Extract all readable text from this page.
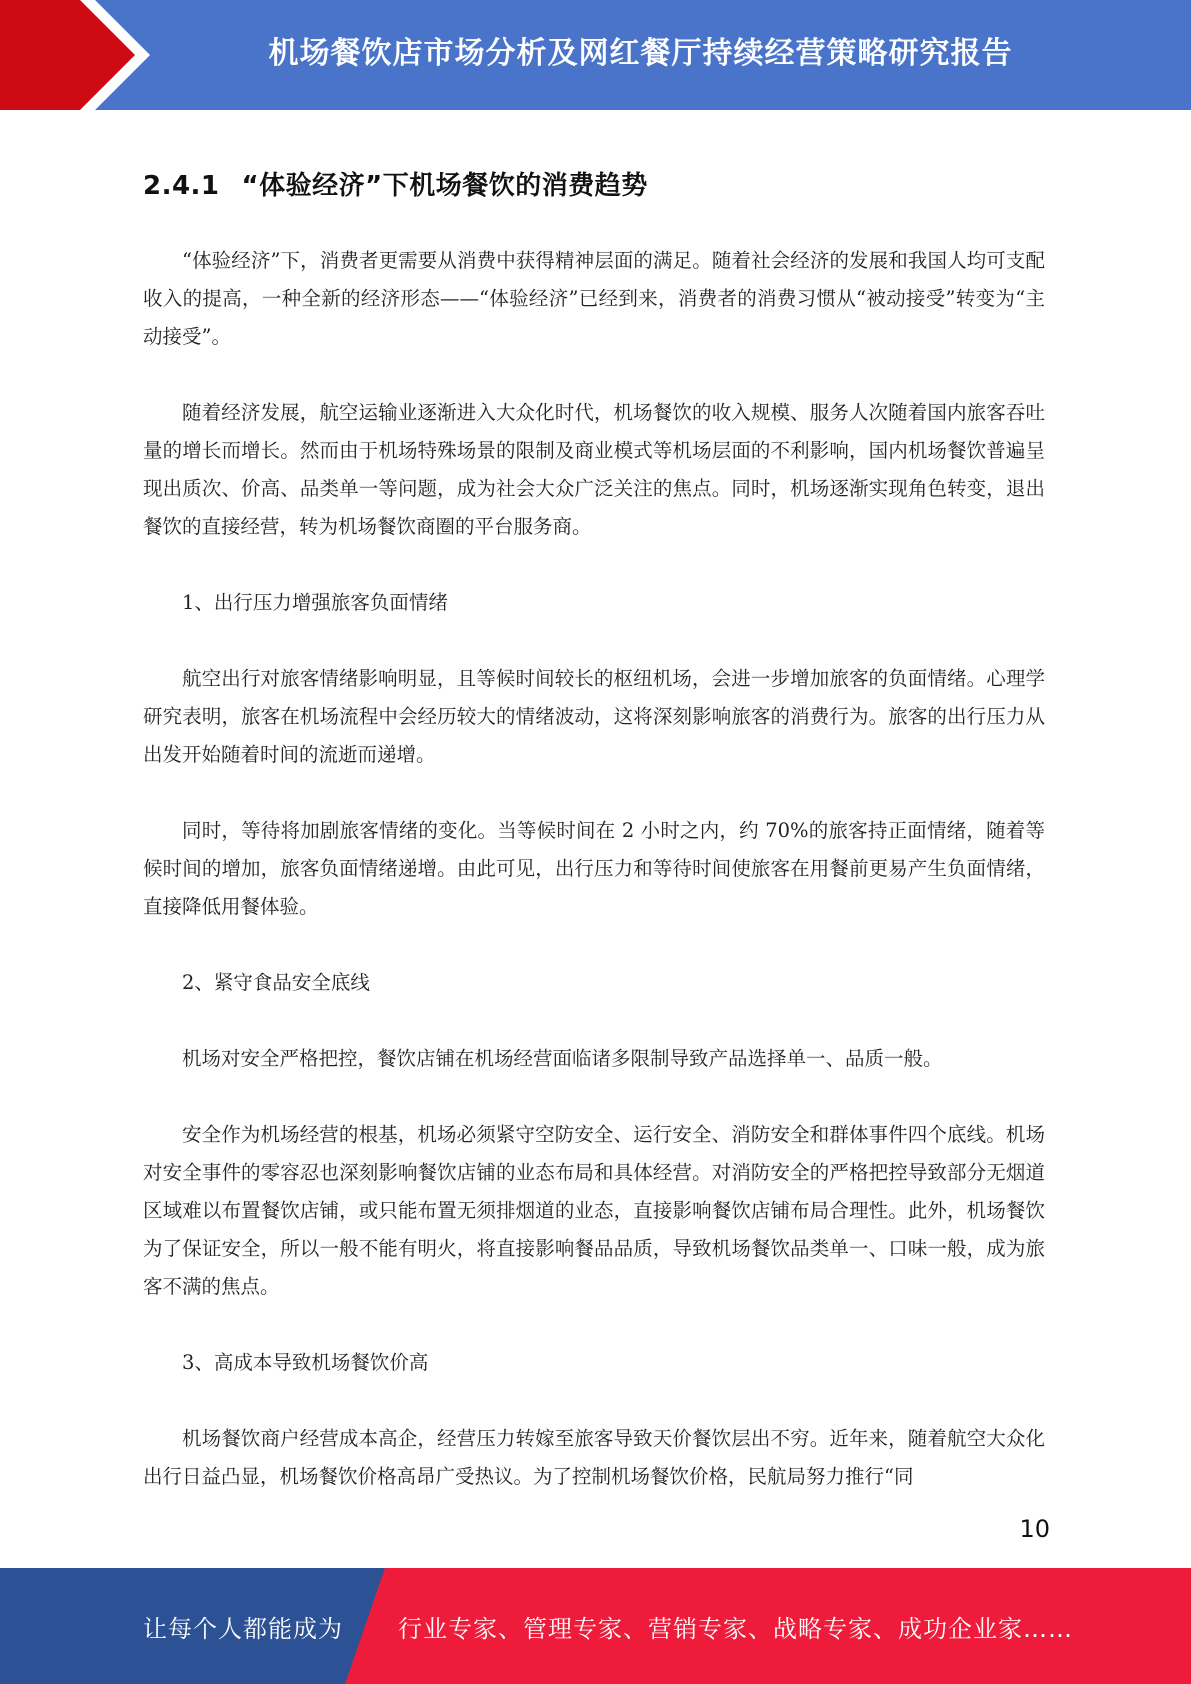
机场餐饮店市场分析及网红餐厅持续经营策略研究报告
2.4.1 “体验经济”下机场餐饮的消费趋势

“体验经济”下，消费者更需要从消费中获得精神层面的满足。随着社会经济的发展和我国人均可支配收入的提高，一种全新的经济形态——“体验经济”已经到来，消费者的消费习惯从“被动接受”转变为“主动接受”。

随着经济发展，航空运输业逐渐进入大众化时代，机场餐饮的收入规模、服务人次随着国内旅客吞吐量的增长而增长。然而由于机场特殊场景的限制及商业模式等机场层面的不利影响，国内机场餐饮普遍呈现出质次、价高、品类单一等问题，成为社会大众广泛关注的焦点。同时，机场逐渐实现角色转变，退出餐饮的直接经营，转为机场餐饮商圈的平台服务商。

1、出行压力增强旅客负面情绪

航空出行对旅客情绪影响明显，且等候时间较长的枢纽机场，会进一步增加旅客的负面情绪。心理学研究表明，旅客在机场流程中会经历较大的情绪波动，这将深刻影响旅客的消费行为。旅客的出行压力从出发开始随着时间的流逝而递增。

同时，等待将加剧旅客情绪的变化。当等候时间在 2 小时之内，约 70%的旅客持正面情绪，随着等候时间的增加，旅客负面情绪递增。由此可见，出行压力和等待时间使旅客在用餐前更易产生负面情绪，直接降低用餐体验。

2、紧守食品安全底线

机场对安全严格把控，餐饮店铺在机场经营面临诸多限制导致产品选择单一、品质一般。

安全作为机场经营的根基，机场必须紧守空防安全、运行安全、消防安全和群体事件四个底线。机场对安全事件的零容忍也深刻影响餐饮店铺的业态布局和具体经营。对消防安全的严格把控导致部分无烟道区域难以布置餐饮店铺，或只能布置无须排烟道的业态，直接影响餐饮店铺布局合理性。此外，机场餐饮为了保证安全，所以一般不能有明火，将直接影响餐品品质，导致机场餐饮品类单一、口味一般，成为旅客不满的焦点。

3、高成本导致机场餐饮价高

机场餐饮商户经营成本高企，经营压力转嫁至旅客导致天价餐饮层出不穷。近年来，随着航空大众化出行日益凸显，机场餐饮价格高昂广受热议。为了控制机场餐饮价格，民航局努力推行“同

10
让每个人都能成为 行业专家、管理专家、营销专家、战略专家、成功企业家……
